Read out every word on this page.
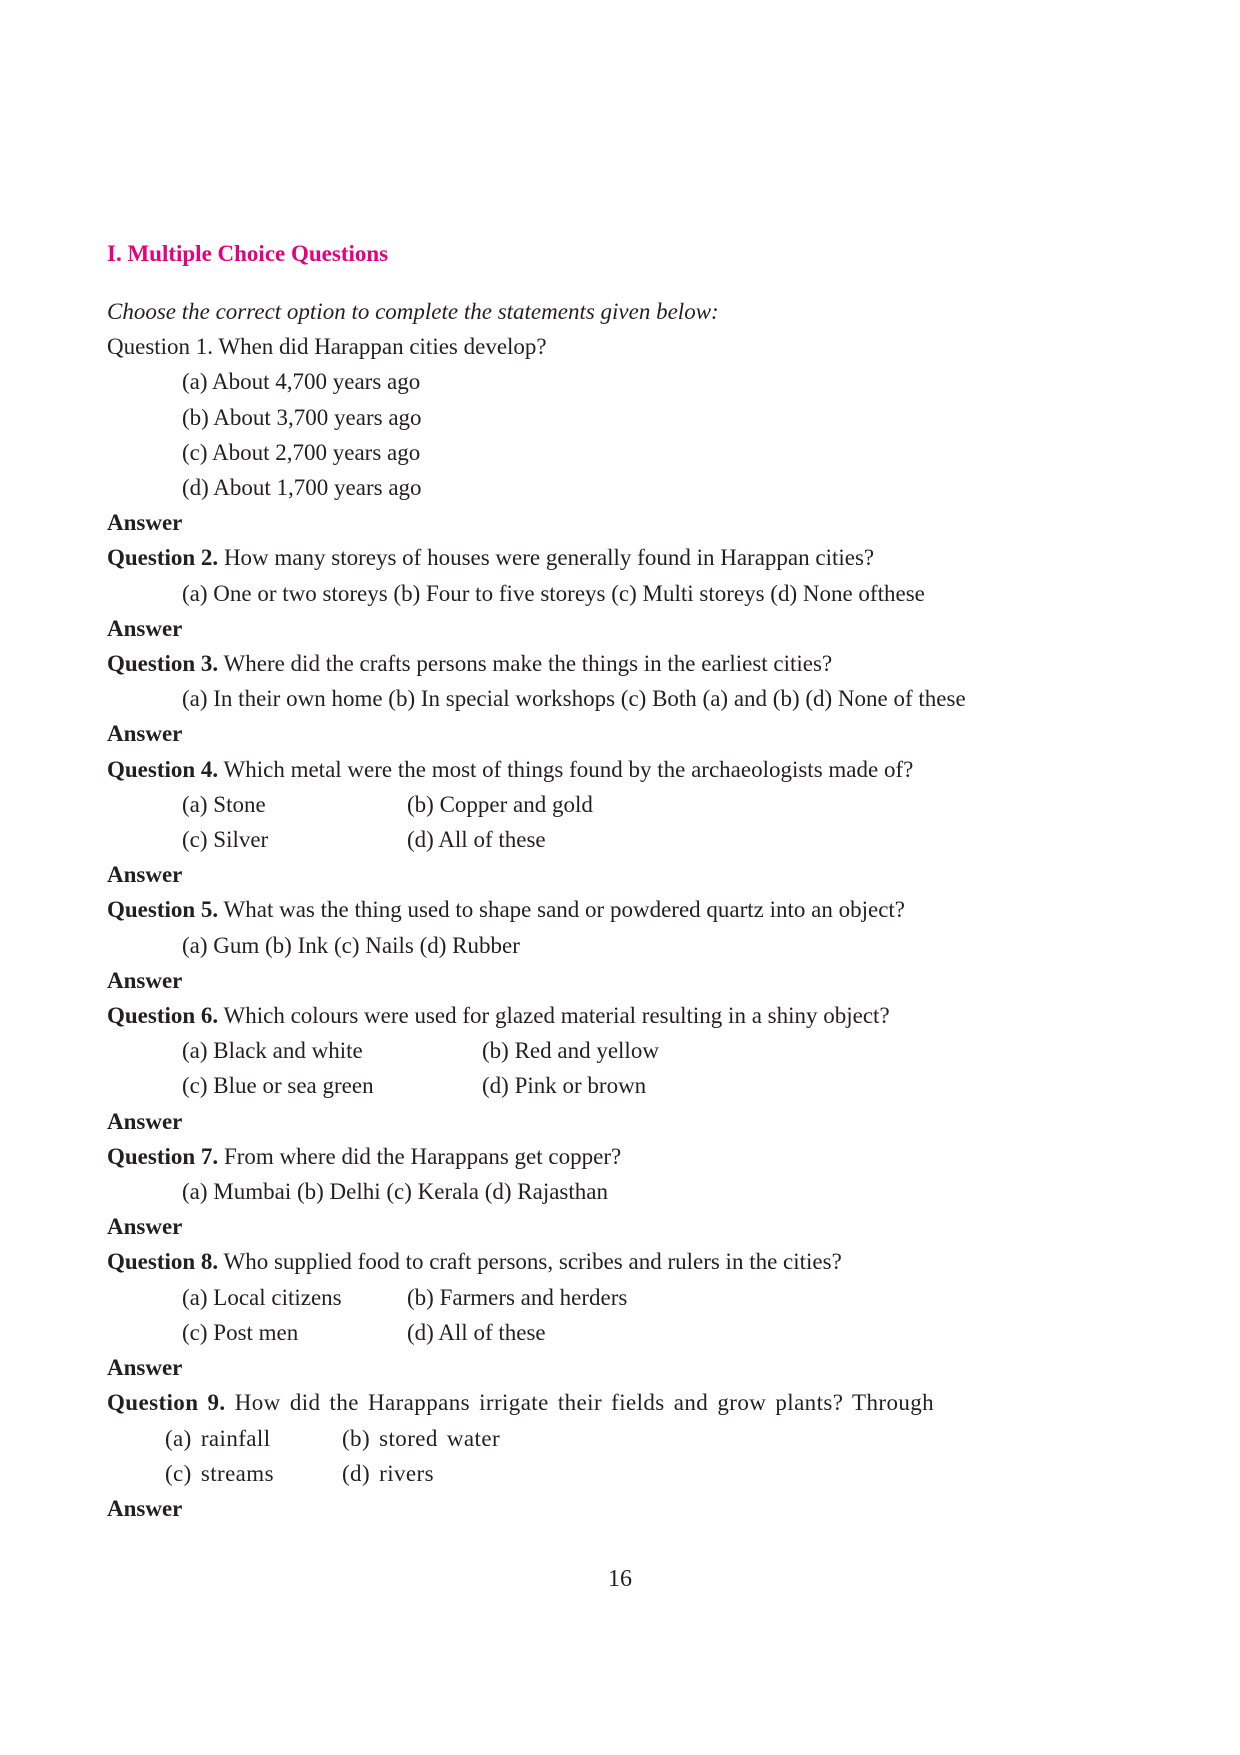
I. Multiple Choice Questions

Choose the correct option to complete the statements given below:

Question 1. When did Harappan cities develop?

(a) About 4,700 years ago

(b) About 3,700 years ago

(c) About 2,700 years ago

(d) About 1,700 years ago

Answer

Question 2. How many storeys of houses were generally found in Harappan cities?

(a) One or two storeys (b) Four to five storeys (c) Multi storeys (d) None ofthese

Answer

Question 3. Where did the crafts persons make the things in the earliest cities?

(a) In their own home (b) In special workshops (c) Both (a) and (b) (d) None of these

Answer

Question 4. Which metal were the most of things found by the archaeologists made of?

(a) Stone	(b) Copper and gold

(c) Silver	(d) All of these

Answer

Question 5. What was the thing used to shape sand or powdered quartz into an object?

(a) Gum (b) Ink (c) Nails (d) Rubber

Answer

Question 6. Which colours were used for glazed material resulting in a shiny object?

(a) Black and white	(b) Red and yellow

(c) Blue or sea green	(d) Pink or brown

Answer

Question 7. From where did the Harappans get copper?

(a) Mumbai (b) Delhi (c) Kerala (d) Rajasthan

Answer

Question 8. Who supplied food to craft persons, scribes and rulers in the cities?

(a) Local citizens	(b) Farmers and herders

(c) Post men	(d) All of these

Answer

Question 9. How did the Harappans irrigate their fields and grow plants? Through

(a) rainfall	(b) stored water

(c) streams	(d) rivers

Answer

16
